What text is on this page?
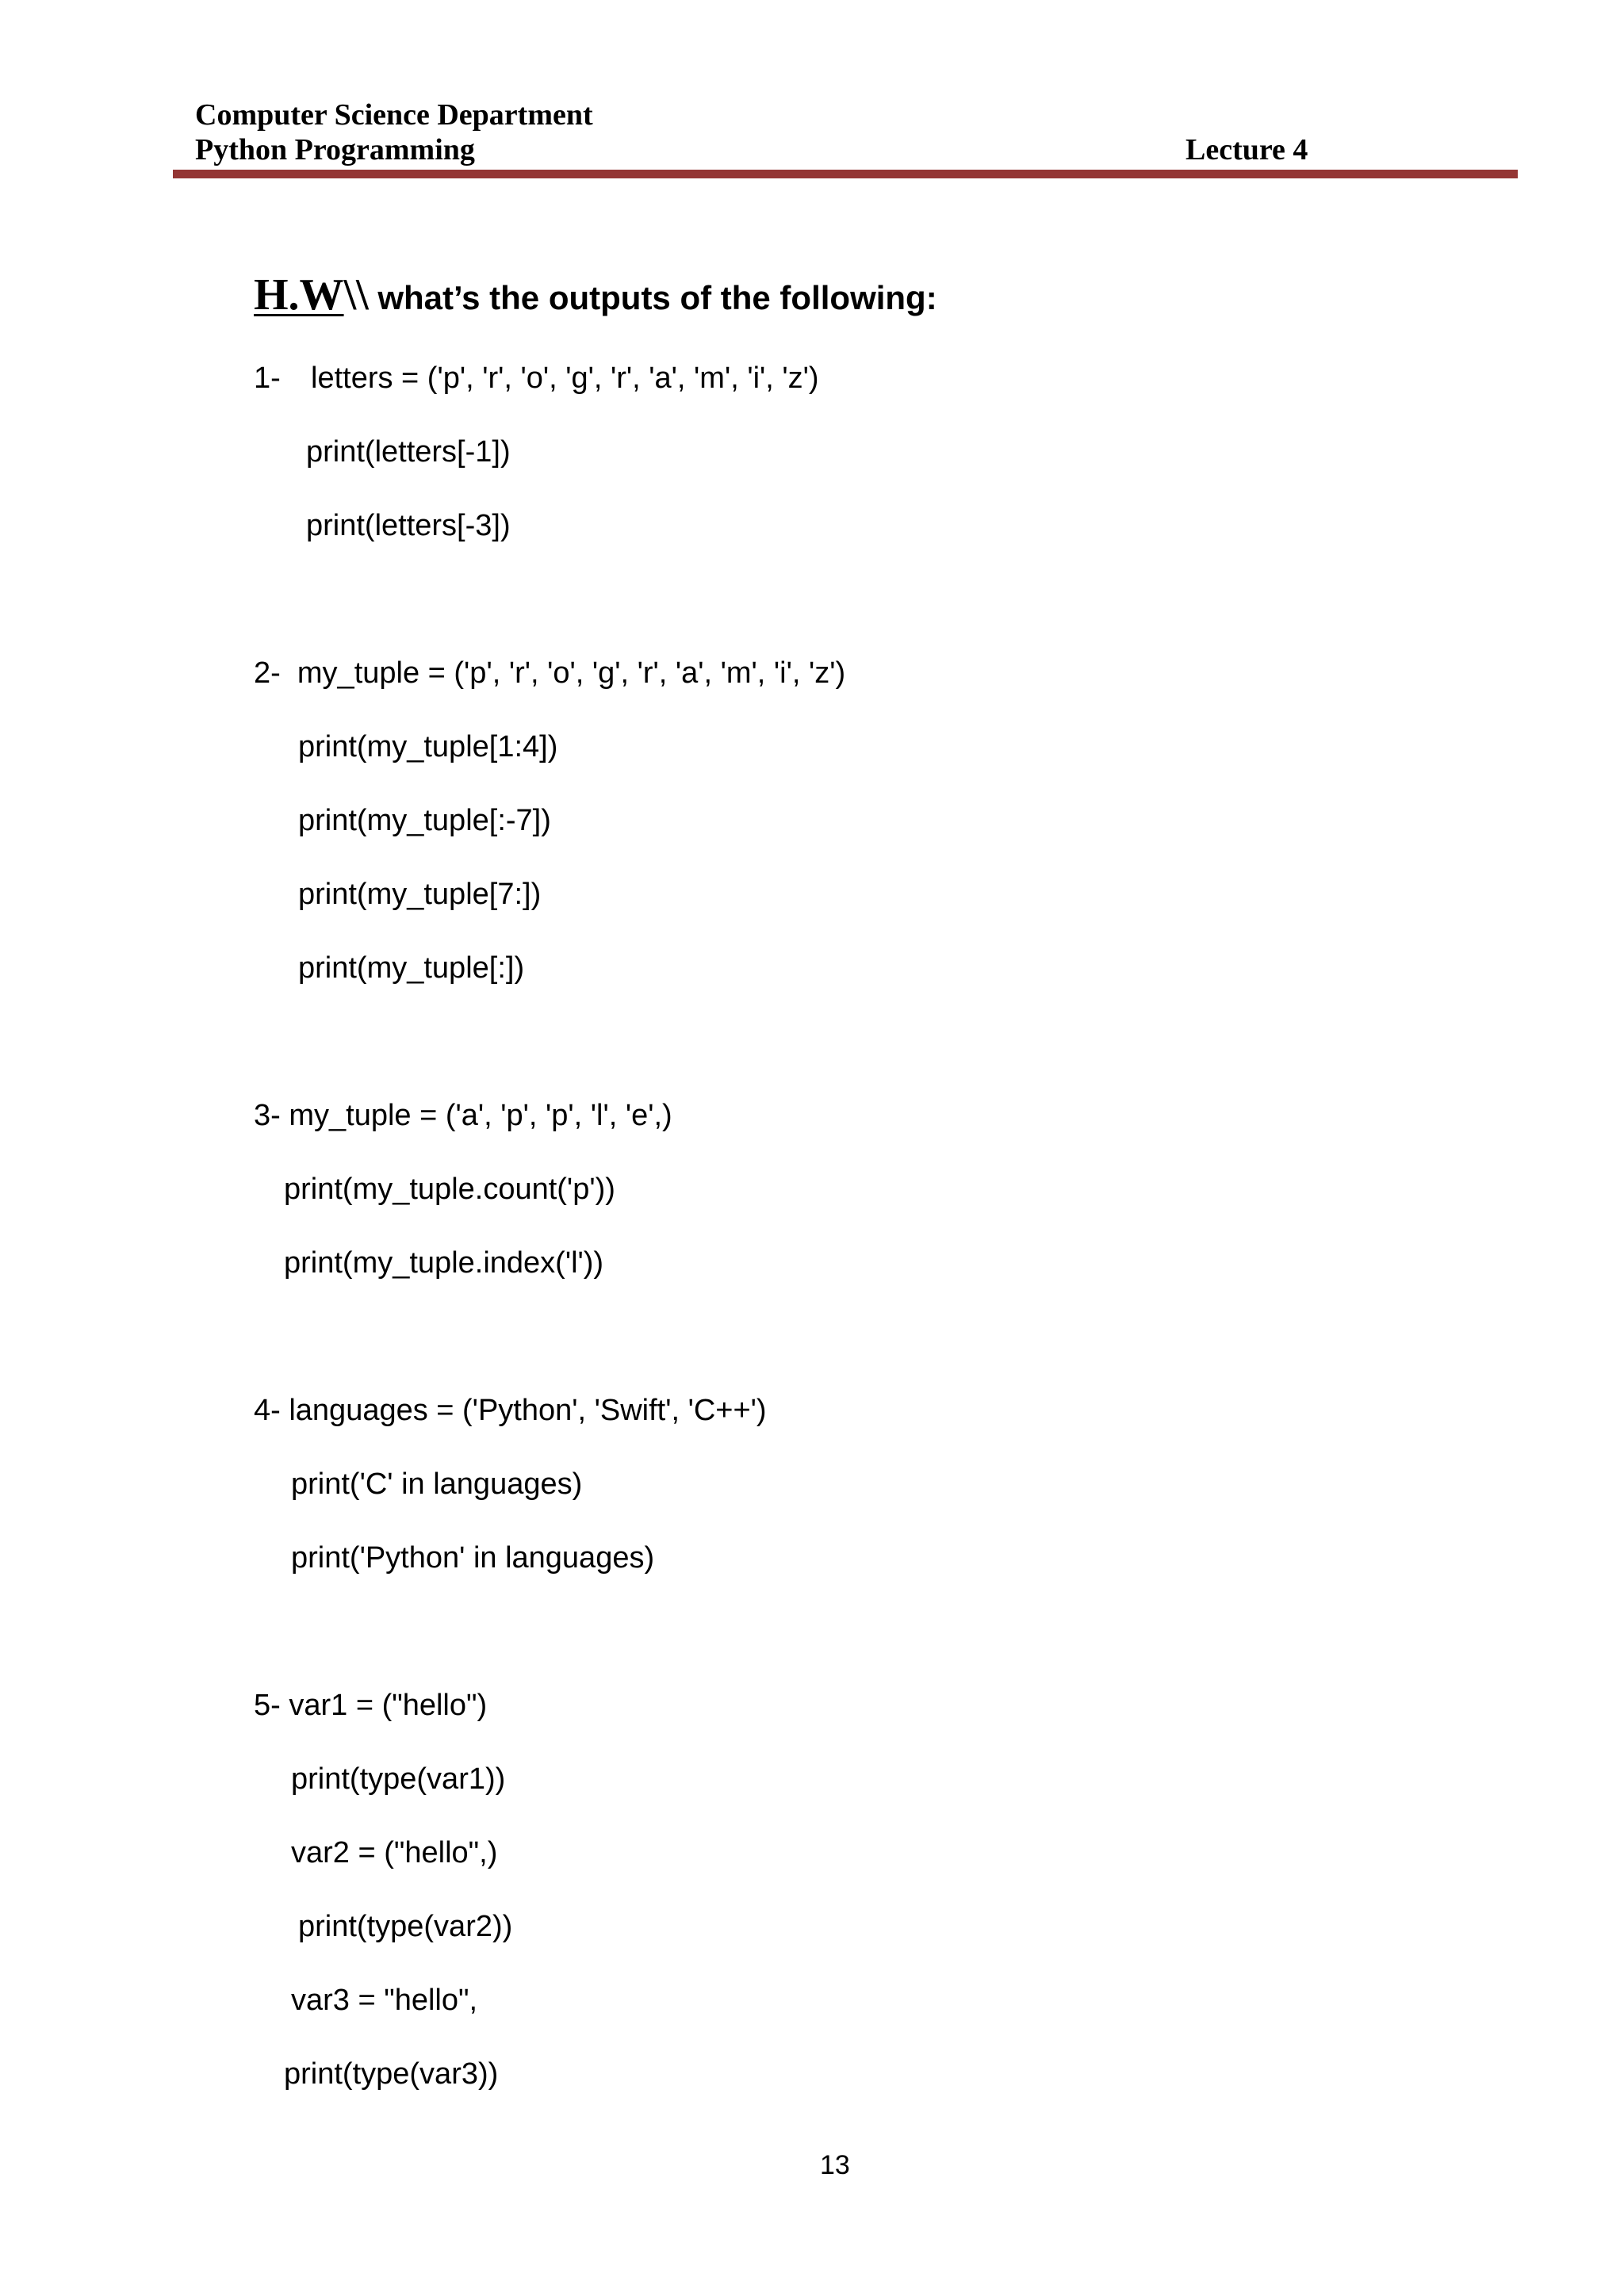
Computer Science Department
Python Programming	Lecture 4
H.W\\ what’s the outputs of the following:
1- letters = ('p', 'r', 'o', 'g', 'r', 'a', 'm', 'i', 'z')
print(letters[-1])
print(letters[-3])
2-  my_tuple = ('p', 'r', 'o', 'g', 'r', 'a', 'm', 'i', 'z')
print(my_tuple[1:4])
print(my_tuple[:-7])
print(my_tuple[7:])
print(my_tuple[:])
3- my_tuple = ('a', 'p', 'p', 'l', 'e',)
print(my_tuple.count('p'))
print(my_tuple.index('l'))
4- languages = ('Python', 'Swift', 'C++')
print('C' in languages)
print('Python' in languages)
5- var1 = ("hello")
print(type(var1))
var2 = ("hello",)
print(type(var2))
var3 = "hello",
print(type(var3))
13
